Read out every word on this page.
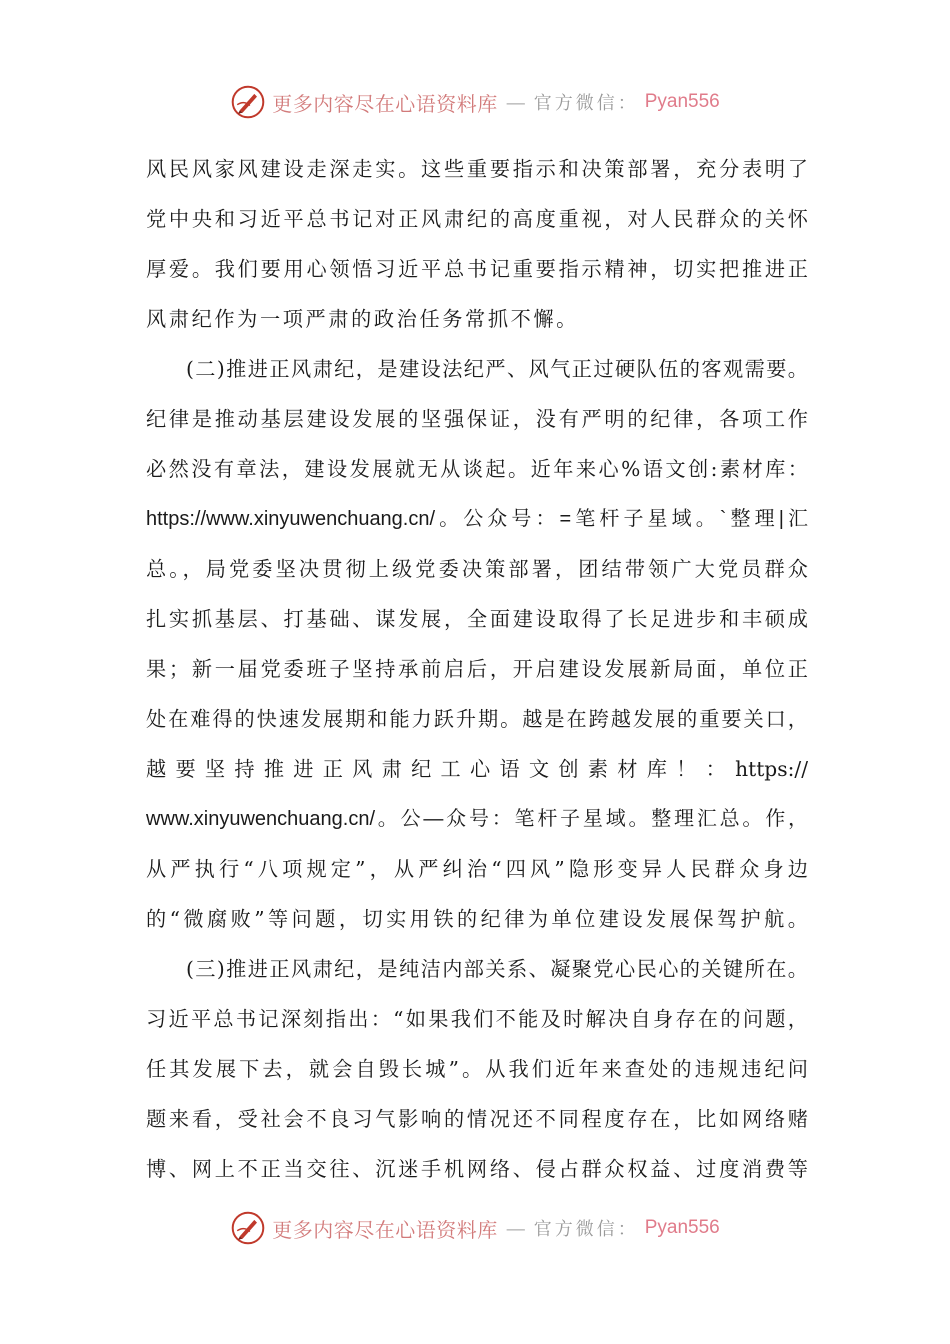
更多内容尽在心语资料库 — 官方微信： Pyan556
风民风家风建设走深走实。这些重要指示和决策部署，充分表明了
党中央和习近平总书记对正风肃纪的高度重视，对人民群众的关怀
厚爱。我们要用心领悟习近平总书记重要指示精神，切实把推进正
风肃纪作为一项严肃的政治任务常抓不懈。
(二)推进正风肃纪，是建设法纪严、风气正过硬队伍的客观需要。
纪律是推动基层建设发展的坚强保证，没有严明的纪律，各项工作
必然没有章法，建设发展就无从谈起。近年来心%语文创:素材库：
https://www.xinyuwenchuang.cn/。公众号：=笔杆子星域。`整理|汇
总。，局党委坚决贯彻上级党委决策部署，团结带领广大党员群众
扎实抓基层、打基础、谋发展，全面建设取得了长足进步和丰硕成
果；新一届党委班子坚持承前启后，开启建设发展新局面，单位正
处在难得的快速发展期和能力跃升期。越是在跨越发展的重要关口，
越要坚持推进正风肃纪工心语文创素材库！：https://
www.xinyuwenchuang.cn/。公—众号：笔杆子星域。整理汇总。作，
从严执行“八项规定”，从严纠治“四风”隐形变异人民群众身边
的“微腐败”等问题，切实用铁的纪律为单位建设发展保驾护航。
(三)推进正风肃纪，是纯洁内部关系、凝聚党心民心的关键所在。
习近平总书记深刻指出：“如果我们不能及时解决自身存在的问题，
任其发展下去，就会自毁长城”。从我们近年来查处的违规违纪问
题来看，受社会不良习气影响的情况还不同程度存在，比如网络赌
博、网上不正当交往、沉迷手机网络、侵占群众权益、过度消费等
更多内容尽在心语资料库 — 官方微信： Pyan556
